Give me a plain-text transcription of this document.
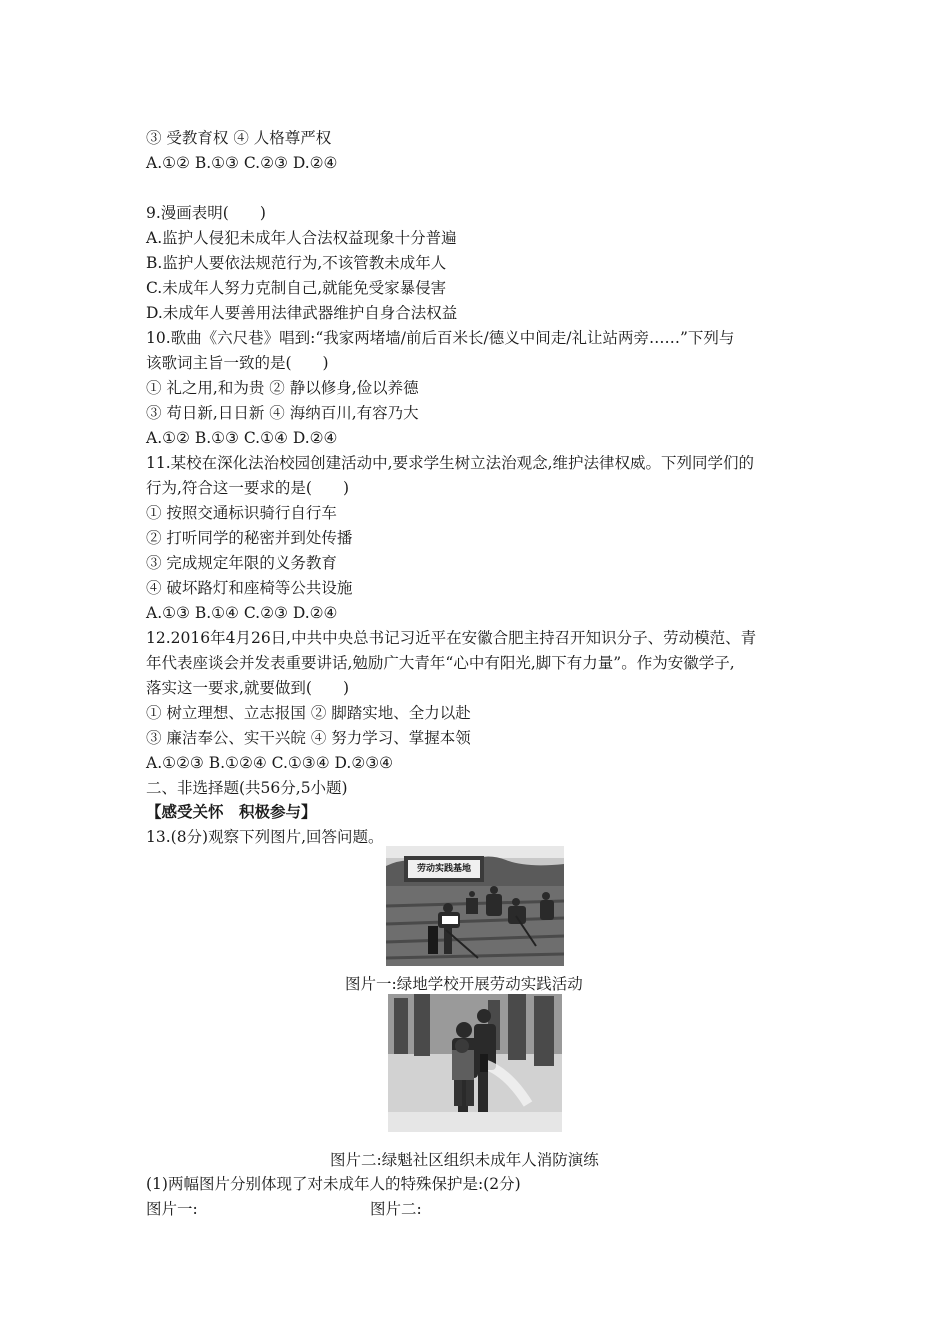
③ 受教育权 ④ 人格尊严权
A.①② B.①③ C.②③ D.②④
9.漫画表明(　　)
A.监护人侵犯未成年人合法权益现象十分普遍
B.监护人要依法规范行为,不该管教未成年人
C.未成年人努力克制自己,就能免受家暴侵害
D.未成年人要善用法律武器维护自身合法权益
10.歌曲《六尺巷》唱到:“我家两堵墙/前后百米长/德义中间走/礼让站两旁……”下列与
该歌词主旨一致的是(　　)
① 礼之用,和为贵 ② 静以修身,俭以养德
③ 苟日新,日日新 ④ 海纳百川,有容乃大
A.①② B.①③ C.①④ D.②④
11.某校在深化法治校园创建活动中,要求学生树立法治观念,维护法律权威。下列同学们的
行为,符合这一要求的是(　　)
① 按照交通标识骑行自行车
② 打听同学的秘密并到处传播
③ 完成规定年限的义务教育
④ 破坏路灯和座椅等公共设施
A.①③ B.①④ C.②③ D.②④
12.2016年4月26日,中共中央总书记习近平在安徽合肥主持召开知识分子、劳动模范、青
年代表座谈会并发表重要讲话,勉励广大青年“心中有阳光,脚下有力量”。作为安徽学子,
落实这一要求,就要做到(　　)
① 树立理想、立志报国 ② 脚踏实地、全力以赴
③ 廉洁奉公、实干兴皖 ④ 努力学习、掌握本领
A.①②③ B.①②④ C.①③④ D.②③④
二、非选择题(共56分,5小题)
【感受关怀　积极参与】
13.(8分)观察下列图片,回答问题。
劳动实践基地
图片一:绿地学校开展劳动实践活动
图片二:绿魁社区组织未成年人消防演练
(1)两幅图片分别体现了对未成年人的特殊保护是:(2分)
图片一:	图片二:
